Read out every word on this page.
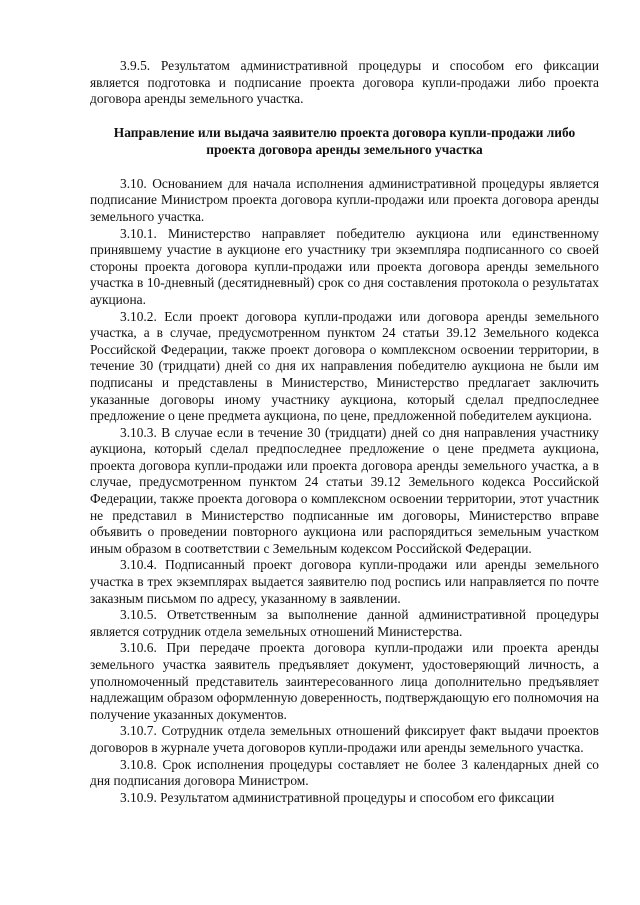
3.9.5. Результатом административной процедуры и способом его фиксации является подготовка и подписание проекта договора купли-продажи либо проекта договора аренды земельного участка.

Направление или выдача заявителю проекта договора купли-продажи либо
проекта договора аренды земельного участка

3.10. Основанием для начала исполнения административной процедуры является подписание Министром проекта договора купли-продажи или проекта договора аренды земельного участка.

3.10.1. Министерство направляет победителю аукциона или единственному принявшему участие в аукционе его участнику три экземпляра подписанного со своей стороны проекта договора купли-продажи или проекта договора аренды земельного участка в 10-дневный (десятидневный) срок со дня составления протокола о результатах аукциона.

3.10.2. Если проект договора купли-продажи или договора аренды земельного участка, а в случае, предусмотренном пунктом 24 статьи 39.12 Земельного кодекса Российской Федерации, также проект договора о комплексном освоении территории, в течение 30 (тридцати) дней со дня их направления победителю аукциона не были им подписаны и представлены в Министерство, Министерство предлагает заключить указанные договоры иному участнику аукциона, который сделал предпоследнее предложение о цене предмета аукциона, по цене, предложенной победителем аукциона.

3.10.3. В случае если в течение 30 (тридцати) дней со дня направления участнику аукциона, который сделал предпоследнее предложение о цене предмета аукциона, проекта договора купли-продажи или проекта договора аренды земельного участка, а в случае, предусмотренном пунктом 24 статьи 39.12 Земельного кодекса Российской Федерации, также проекта договора о комплексном освоении территории, этот участник не представил в Министерство подписанные им договоры, Министерство вправе объявить о проведении повторного аукциона или распорядиться земельным участком иным образом в соответствии с Земельным кодексом Российской Федерации.

3.10.4. Подписанный проект договора купли-продажи или аренды земельного участка в трех экземплярах выдается заявителю под роспись или направляется по почте заказным письмом по адресу, указанному в заявлении.

3.10.5. Ответственным за выполнение данной административной процедуры является сотрудник отдела земельных отношений Министерства.

3.10.6. При передаче проекта договора купли-продажи или проекта аренды земельного участка заявитель предъявляет документ, удостоверяющий личность, а уполномоченный представитель заинтересованного лица дополнительно предъявляет надлежащим образом оформленную доверенность, подтверждающую его полномочия на получение указанных документов.

3.10.7. Сотрудник отдела земельных отношений фиксирует факт выдачи проектов договоров в журнале учета договоров купли-продажи или аренды земельного участка.

3.10.8. Срок исполнения процедуры составляет не более 3 календарных дней со дня подписания договора Министром.

3.10.9. Результатом административной процедуры и способом его фиксации
